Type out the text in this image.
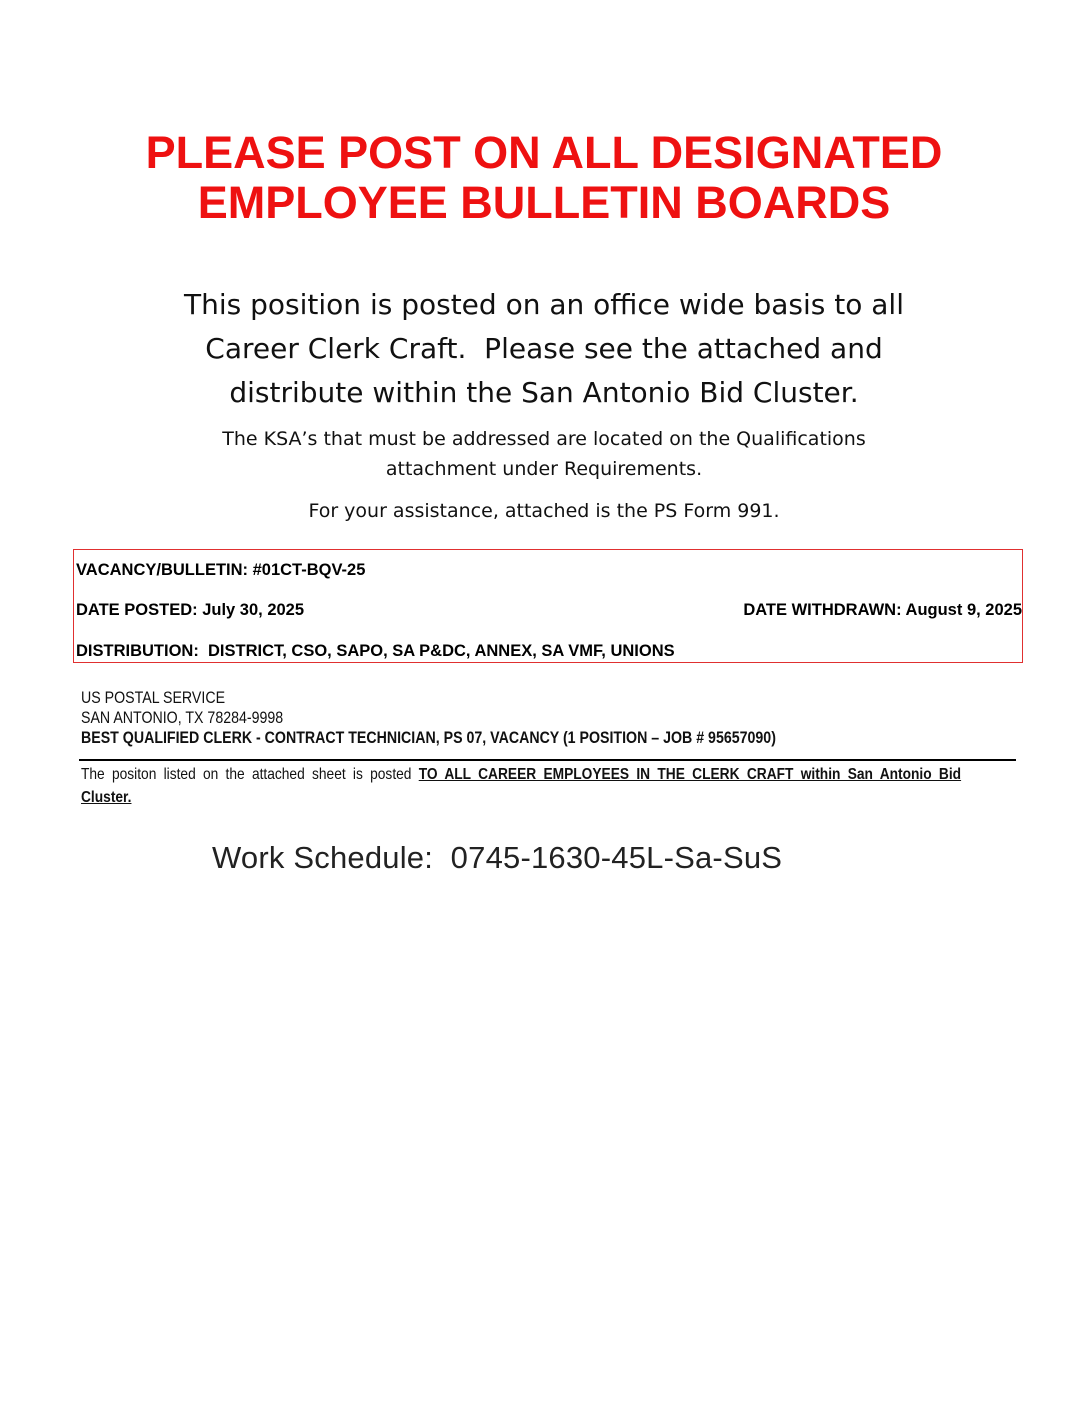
PLEASE POST ON ALL DESIGNATED
EMPLOYEE BULLETIN BOARDS
This position is posted on an office wide basis to all
Career Clerk Craft.  Please see the attached and
distribute within the San Antonio Bid Cluster.
The KSA’s that must be addressed are located on the Qualifications
attachment under Requirements.
For your assistance, attached is the PS Form 991.
VACANCY/BULLETIN: #01CT-BQV-25
DATE POSTED: July 30, 2025	DATE WITHDRAWN: August 9, 2025
DISTRIBUTION:  DISTRICT, CSO, SAPO, SA P&DC, ANNEX, SA VMF, UNIONS
US POSTAL SERVICE
SAN ANTONIO, TX 78284-9998
BEST QUALIFIED CLERK - CONTRACT TECHNICIAN, PS 07, VACANCY (1 POSITION – JOB # 95657090)
The positon listed on the attached sheet is posted TO ALL CAREER EMPLOYEES IN THE CLERK CRAFT within San Antonio Bid
Cluster.
Work Schedule:  0745-1630-45L-Sa-SuS
